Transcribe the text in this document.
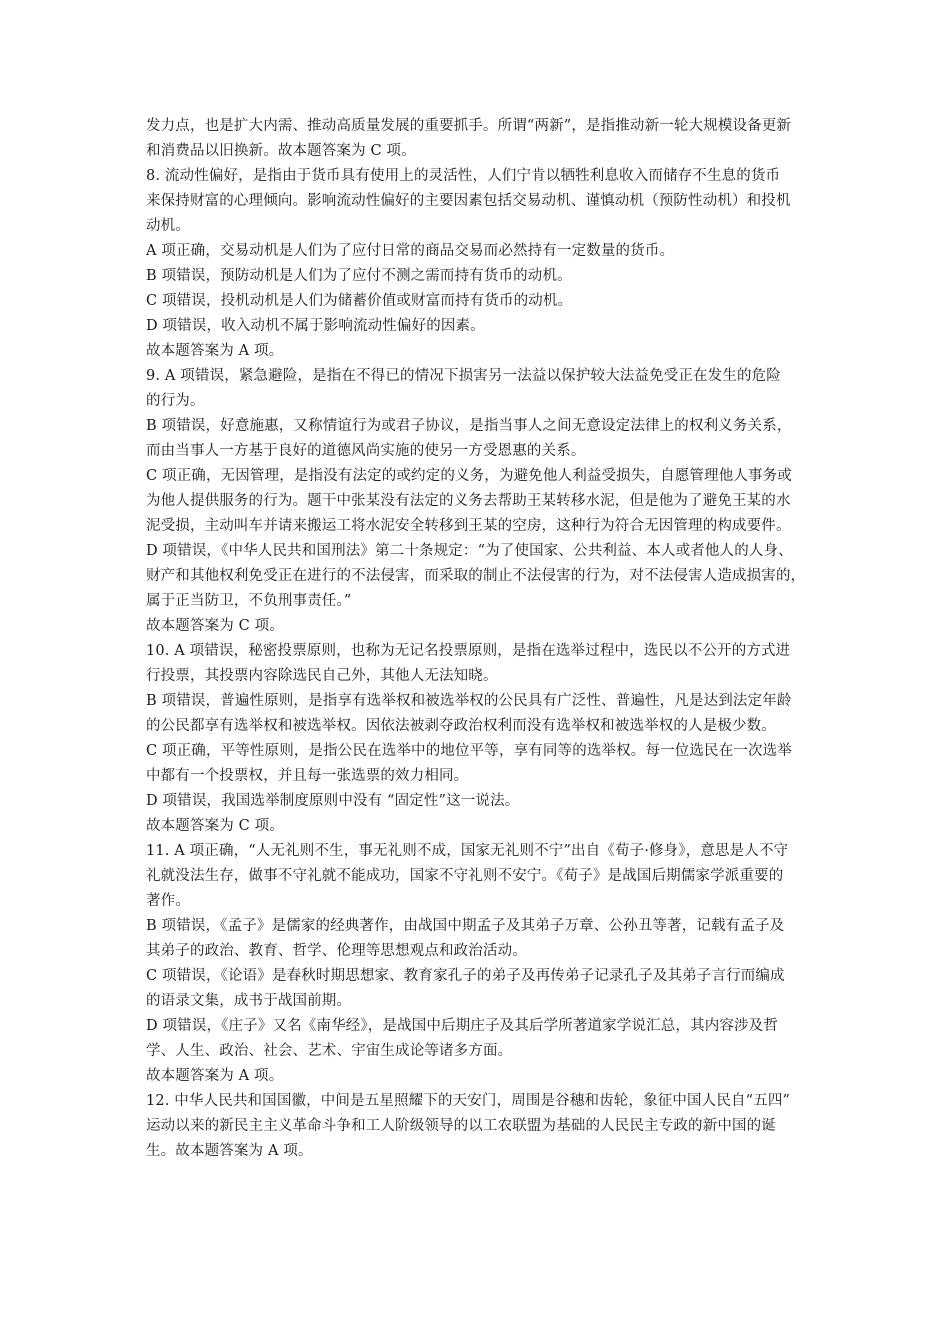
发力点，也是扩大内需、推动高质量发展的重要抓手。所谓“两新”，是指推动新一轮大规模设备更新
和消费品以旧换新。故本题答案为 C 项。
8. 流动性偏好，是指由于货币具有使用上的灵活性，人们宁肯以牺牲利息收入而储存不生息的货币
来保持财富的心理倾向。影响流动性偏好的主要因素包括交易动机、谨慎动机（预防性动机）和投机
动机。
A 项正确，交易动机是人们为了应付日常的商品交易而必然持有一定数量的货币。
B 项错误，预防动机是人们为了应付不测之需而持有货币的动机。
C 项错误，投机动机是人们为储蓄价值或财富而持有货币的动机。
D 项错误，收入动机不属于影响流动性偏好的因素。
故本题答案为 A 项。
9. A 项错误，紧急避险，是指在不得已的情况下损害另一法益以保护较大法益免受正在发生的危险
的行为。
B 项错误，好意施惠，又称情谊行为或君子协议，是指当事人之间无意设定法律上的权利义务关系，
而由当事人一方基于良好的道德风尚实施的使另一方受恩惠的关系。
C 项正确，无因管理，是指没有法定的或约定的义务，为避免他人利益受损失，自愿管理他人事务或
为他人提供服务的行为。题干中张某没有法定的义务去帮助王某转移水泥，但是他为了避免王某的水
泥受损，主动叫车并请来搬运工将水泥安全转移到王某的空房，这种行为符合无因管理的构成要件。
D 项错误，《中华人民共和国刑法》第二十条规定：“为了使国家、公共利益、本人或者他人的人身、
财产和其他权利免受正在进行的不法侵害，而采取的制止不法侵害的行为，对不法侵害人造成损害的，
属于正当防卫，不负刑事责任。”
故本题答案为 C 项。
10. A 项错误，秘密投票原则，也称为无记名投票原则，是指在选举过程中，选民以不公开的方式进
行投票，其投票内容除选民自己外，其他人无法知晓。
B 项错误，普遍性原则，是指享有选举权和被选举权的公民具有广泛性、普遍性，凡是达到法定年龄
的公民都享有选举权和被选举权。因依法被剥夺政治权利而没有选举权和被选举权的人是极少数。
C 项正确，平等性原则，是指公民在选举中的地位平等，享有同等的选举权。每一位选民在一次选举
中都有一个投票权，并且每一张选票的效力相同。
D 项错误，我国选举制度原则中没有 “固定性”这一说法。
故本题答案为 C 项。
11. A 项正确，“人无礼则不生，事无礼则不成，国家无礼则不宁”出自《荀子·修身》，意思是人不守
礼就没法生存，做事不守礼就不能成功，国家不守礼则不安宁。《荀子》是战国后期儒家学派重要的
著作。
B 项错误，《孟子》是儒家的经典著作，由战国中期孟子及其弟子万章、公孙丑等著，记载有孟子及
其弟子的政治、教育、哲学、伦理等思想观点和政治活动。
C 项错误，《论语》是春秋时期思想家、教育家孔子的弟子及再传弟子记录孔子及其弟子言行而编成
的语录文集，成书于战国前期。
D 项错误，《庄子》又名《南华经》，是战国中后期庄子及其后学所著道家学说汇总，其内容涉及哲
学、人生、政治、社会、艺术、宇宙生成论等诸多方面。
故本题答案为 A 项。
12. 中华人民共和国国徽，中间是五星照耀下的天安门，周围是谷穗和齿轮，象征中国人民自“五四”
运动以来的新民主主义革命斗争和工人阶级领导的以工农联盟为基础的人民民主专政的新中国的诞
生。故本题答案为 A 项。
